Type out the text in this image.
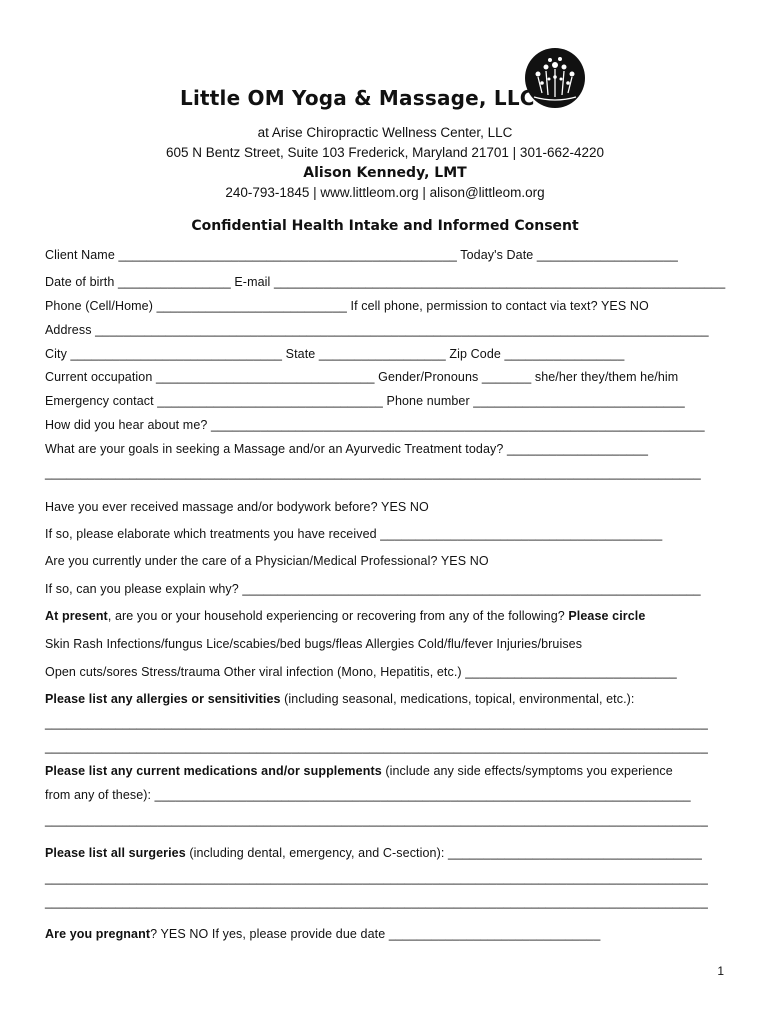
Little OM Yoga & Massage, LLC
at Arise Chiropractic Wellness Center, LLC
605 N Bentz Street, Suite 103 Frederick, Maryland 21701 | 301-662-4220
Alison Kennedy, LMT
240-793-1845 | www.littleom.org | alison@littleom.org
Confidential Health Intake and Informed Consent
Client Name ________________________________________________ Today's Date ____________________
Date of birth ________________ E-mail ________________________________________________________________
Phone (Cell/Home) ___________________________ If cell phone, permission to contact via text? YES NO
Address _______________________________________________________________________________________
City ______________________________ State __________________ Zip Code _________________
Current occupation _______________________________ Gender/Pronouns _______ she/her they/them he/him
Emergency contact ________________________________ Phone number ______________________________
How did you hear about me? ______________________________________________________________________
What are your goals in seeking a Massage and/or an Ayurvedic Treatment today? ____________________
_____________________________________________________________________________________________
Have you ever received massage and/or bodywork before? YES NO
If so, please elaborate which treatments you have received ________________________________________
Are you currently under the care of a Physician/Medical Professional? YES NO
If so, can you please explain why? _________________________________________________________________
At present, are you or your household experiencing or recovering from any of the following? Please circle
Skin Rash Infections/fungus Lice/scabies/bed bugs/fleas Allergies Cold/flu/fever Injuries/bruises
Open cuts/sores Stress/trauma Other viral infection (Mono, Hepatitis, etc.) ______________________________
Please list any allergies or sensitivities (including seasonal, medications, topical, environmental, etc.):
______________________________________________________________________________________________
______________________________________________________________________________________________
Please list any current medications and/or supplements (include any side effects/symptoms you experience
from any of these): ____________________________________________________________________________
______________________________________________________________________________________________
Please list all surgeries (including dental, emergency, and C-section): ____________________________________
______________________________________________________________________________________________
______________________________________________________________________________________________
Are you pregnant? YES NO If yes, please provide due date ______________________________
1
